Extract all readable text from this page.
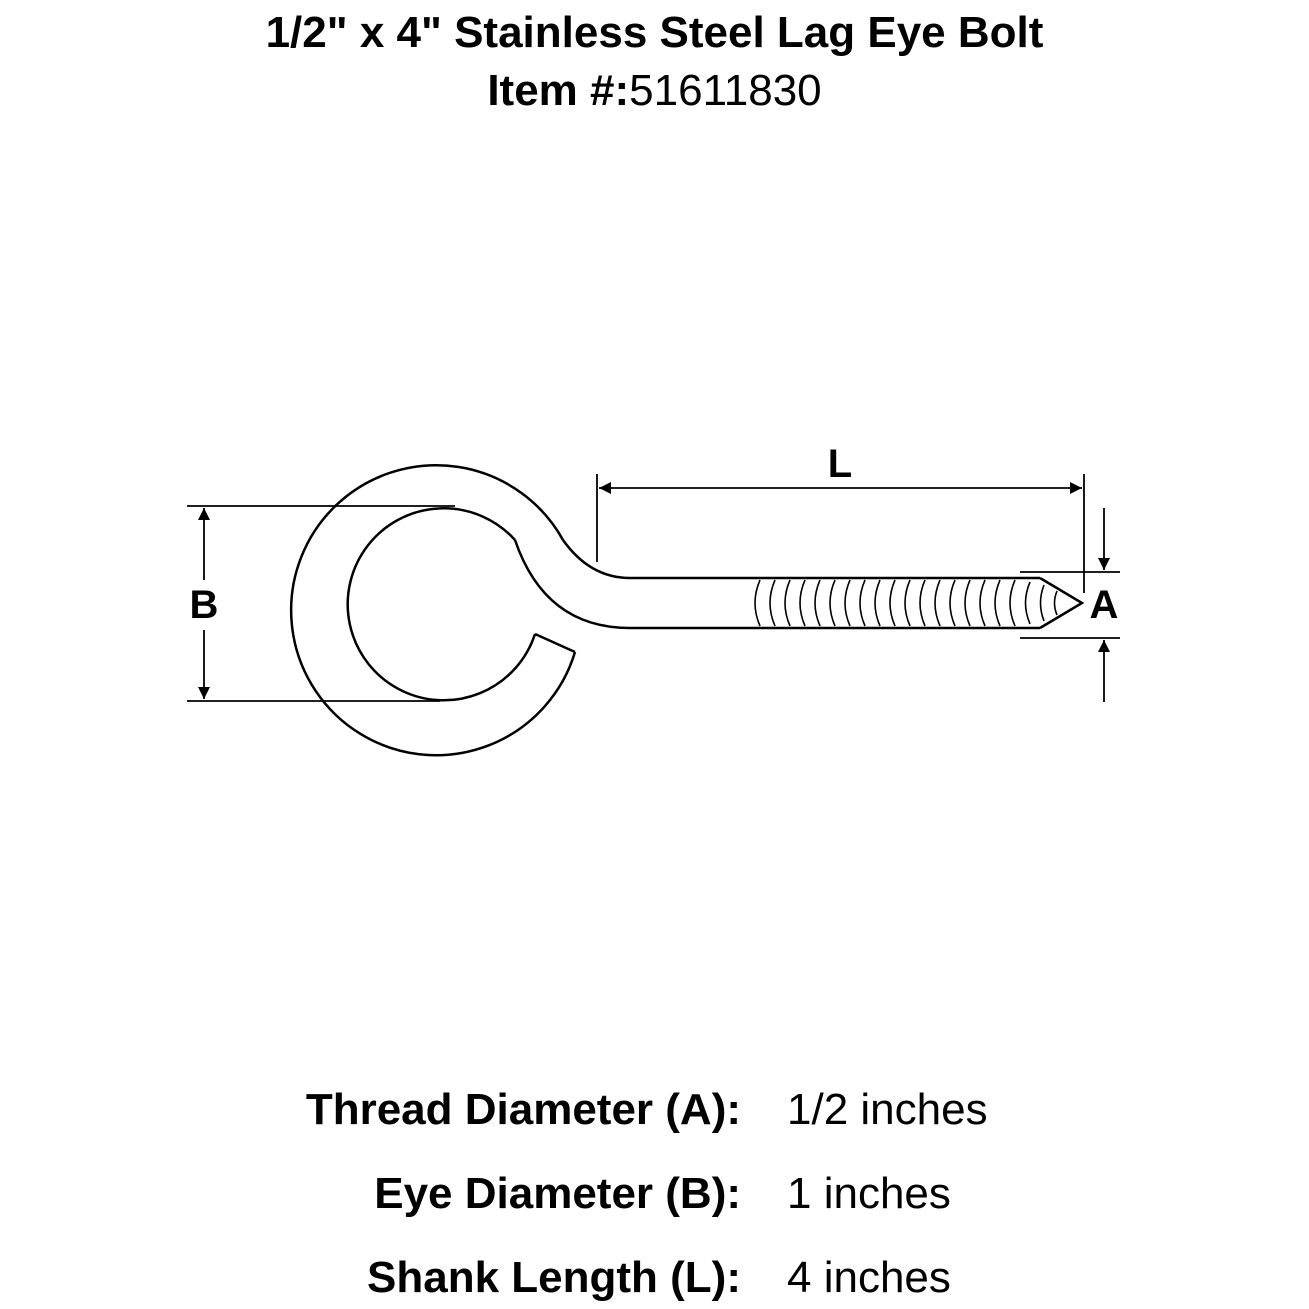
1/2" x 4" Stainless Steel Lag Eye Bolt
Item #:51611830
L
B	A
Thread Diameter (A): 1/2 inches
Eye Diameter (B): 1 inches
Shank Length (L): 4 inches
